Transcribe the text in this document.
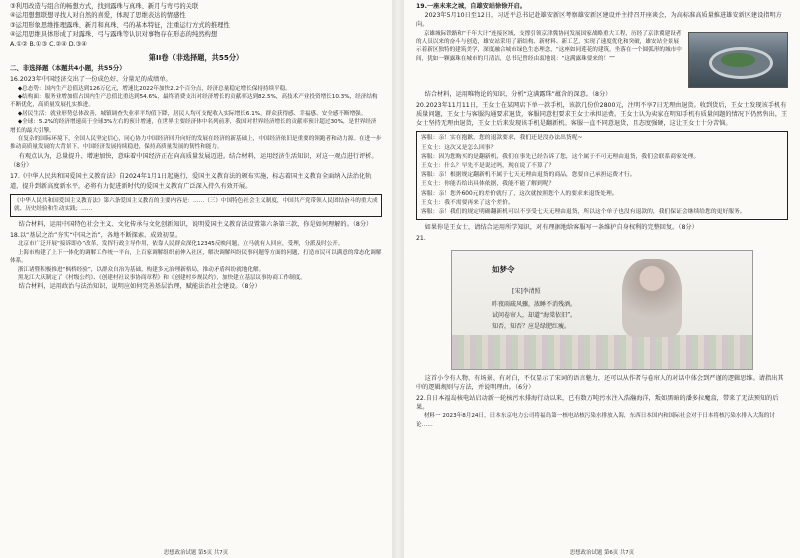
③利用改造与组合的畅想方式，找到露珠与真珠、新月与弯弓的关联

④运用想想联想寻找人对自然的喜爱，体现了思维表达的情感性

③运用形象思维推理露珠、新月和真珠、弓的基本特征，注重运行方式的推理性

④运用思维具体形成了对露珠、弓与露珠等认识对事物存在形态的纯然构想

A.①② B.①③ C.②④ D.③④

第II卷（非选择题，共55分）

二、非选择题（本题共4小题，共55分）

16.2023年中国经济交出了一份成色好、分量足的成绩单。

◆总态势：国内生产总值达到126万亿元，增速比2022年加快2.2个百分点，经济总量稳定增长保持持续平稳。

◆结构面：服务业增加值占国内生产总值比重达到54.6%，最终消费支出对经济增长的贡献率达到82.5%，高技术产业投资增长10.3%，经济结构不断优化，高质量发展扎实推进。

◆居民生活：就业形势总体改善，城镇调查失业率平均值下降，居民人均可支配收入实际增长6.1%，群众获得感、幸福感、安全感不断增强。

◆全球：5.2%的经济增速高于全球3%左右的预计增速，在世界主要经济体中名列前茅，我国对世界经济增长的贡献率预计超过30%，是世界经济增长的最大引擎。

在复杂的国际环境下，全国人民坚定信心，同心协力中国经济回升向好的发展在经济的新基础上，中国经济依旧是重要的领跑者和动力源。在进一步推动高质量发展的大背景下，中国经济发展持续稳进，保持高质量发展的韧性和能力。

有观点认为，总量提升、增速加快，意味着中国经济正在向高质量发展迈进。结合材料，运用经济生活知识，对这一观点进行评析。（8分）

17.《中华人民共和国爱国主义教育法》自2024年1月1日起施行，爱国主义教育法的颁布实施，标志着国主义教育全面纳入法治化轨道，提升到新高度新水平，必将有力促进新时代的爱国主义教育广泛深入持久有效开展。

《中华人民共和国爱国主义教育法》第六条爱国主义教育的主要内容是：……（三）中国特色社会主义制度，中国共产党带领人民团结奋斗的重大成就、历史经验和生动实践；……

结合材料，运用中国特色社会主义、文化传承与文化创新知识，说明爱国主义教育法设置第六条第三款，你是如何理解的。（8分）

18.以“基层之治”夯实“中国之治”，各地不断探索、成效初显。

北京市广泛开展“接诉即办”改革，发挥行政主导作用，依靠人民群众深化12345反映问题，立马就有人回应，受理，分派及时公开。

上海市构建了上下一体化的调解工作统一平台，上百家调解组织前伸入社区，解决调解纠纷民事问题等方面的问题，打造市民可以满意的常态化调解体系。

浙江诸暨积极推进“枫桥经验”，以群众自治为基础，构建多元治理新格局，推动矛盾纠纷就地化解。

黑龙江大庆制定了《村级公约》、《创建村社议事协商章程》和《创建村乡规民约》，加快建立基层议事协商工作制度。

结合材料，运用政治与法治知识，说明应如何完善基层治理，赋能法治社会建设。（8分）

思想政治试题 第5页 共7页

19.一座未来之城，自雄安站徐徐开启。

2023年5月10日至12日，习近平总书记赴雄安新区考察雄安新区建设并主持召开座谈会，为高标准高质量推进雄安新区建设指明方向。

京雄城际铁路和“千年大计”连接区域，支撑引领京津冀协同发展国家战略重大工程，历经了京津冀建设者的人员以来的奋斗与创造，雄安站采用了新结构、新材料、新工艺，实现了速度优化和突破，雄安站全景展示着新区独特的建筑美学，深度融合城市绿色生态理念，“这座如同莲花的建筑，坐落在一个圆弧形的城市中间，犹如一颗露珠在城市的月清洁，总书记曾经由衷地说：“这满露珠要来的！””

结合材料，运用唯物论的知识，分析“这满露珠”蕴含的深意。（8分）

20.2023年11月11日，王女士在某网店下单一款手机，该款几份价2800元，注明不享7日无理由退货。收到货后，王女士发现该手机有质量问题，王女士与客服沟通要求退货，客服同意但要求王女士承担运费。王女士认为卖家在明知手机有质量问题的情况下仍然售出，王女士坚持无理由退货，王女士后来发现该手机是翻新机。客服一直不同意退货，且态度强硬，这让王女士十分苦恼。

客服：亲！实在抱歉，您的退款要求，我们还是没办法出货呢~

王女士：这次又是怎么回事？

客服：因为您购买的是翻新机，我们在事先已经告诉了您，这个属于不可无理由退货，我们会联系商家处理。

王女士：什么？早先不是说过吗，现在说了不算了？

客服：亲！根据规定翻新机不属于七天无理由退货的商品，您要自己承担运费才行。

王女士：你能否给出具体依据，我能不能了解到呢？

客服：亲！您外600元的差价就行了，这次就按照您个人的要求来退货处理。

王女士：我不需要再来了这个差价。

客服：亲！我们的规定明确翻新机可以不享受七天无理由退货，所以这个单子也没有退款的，我们保证会继续给您的更好服务。

如果你是王女士，请结合运用所学知识，对有理据地给客服写一条维护自身权利的完整回复。（8分）

21.

如梦令
[宋]李清照
昨夜雨疏风骤，浓睡不消残酒。
试问卷帘人，却道“海棠依旧”。
知否，知否？应是绿肥红瘦。

这首小令有人物、有场景、有对白，不仅显示了宋词的语言魅力，还可以从作者与卷帘人的对话中体会到严谨的逻辑思维。请指出其中的逻辑规则与方法，并说明理由。（6分）

22.自日本福岛核电站启动新一轮核污水排海行动以来，已有数万吨污水注入浩瀚海洋，叛如黑暗的潘多拉魔盒，带来了无法预知的后果。

材料一 2023年8月24日，日本东京电力公司将福岛第一核电站核污染水排放入海，东西日本国内和国际社会对于日本将核污染水排入大海的讨论……

思想政治试题 第6页 共7页
